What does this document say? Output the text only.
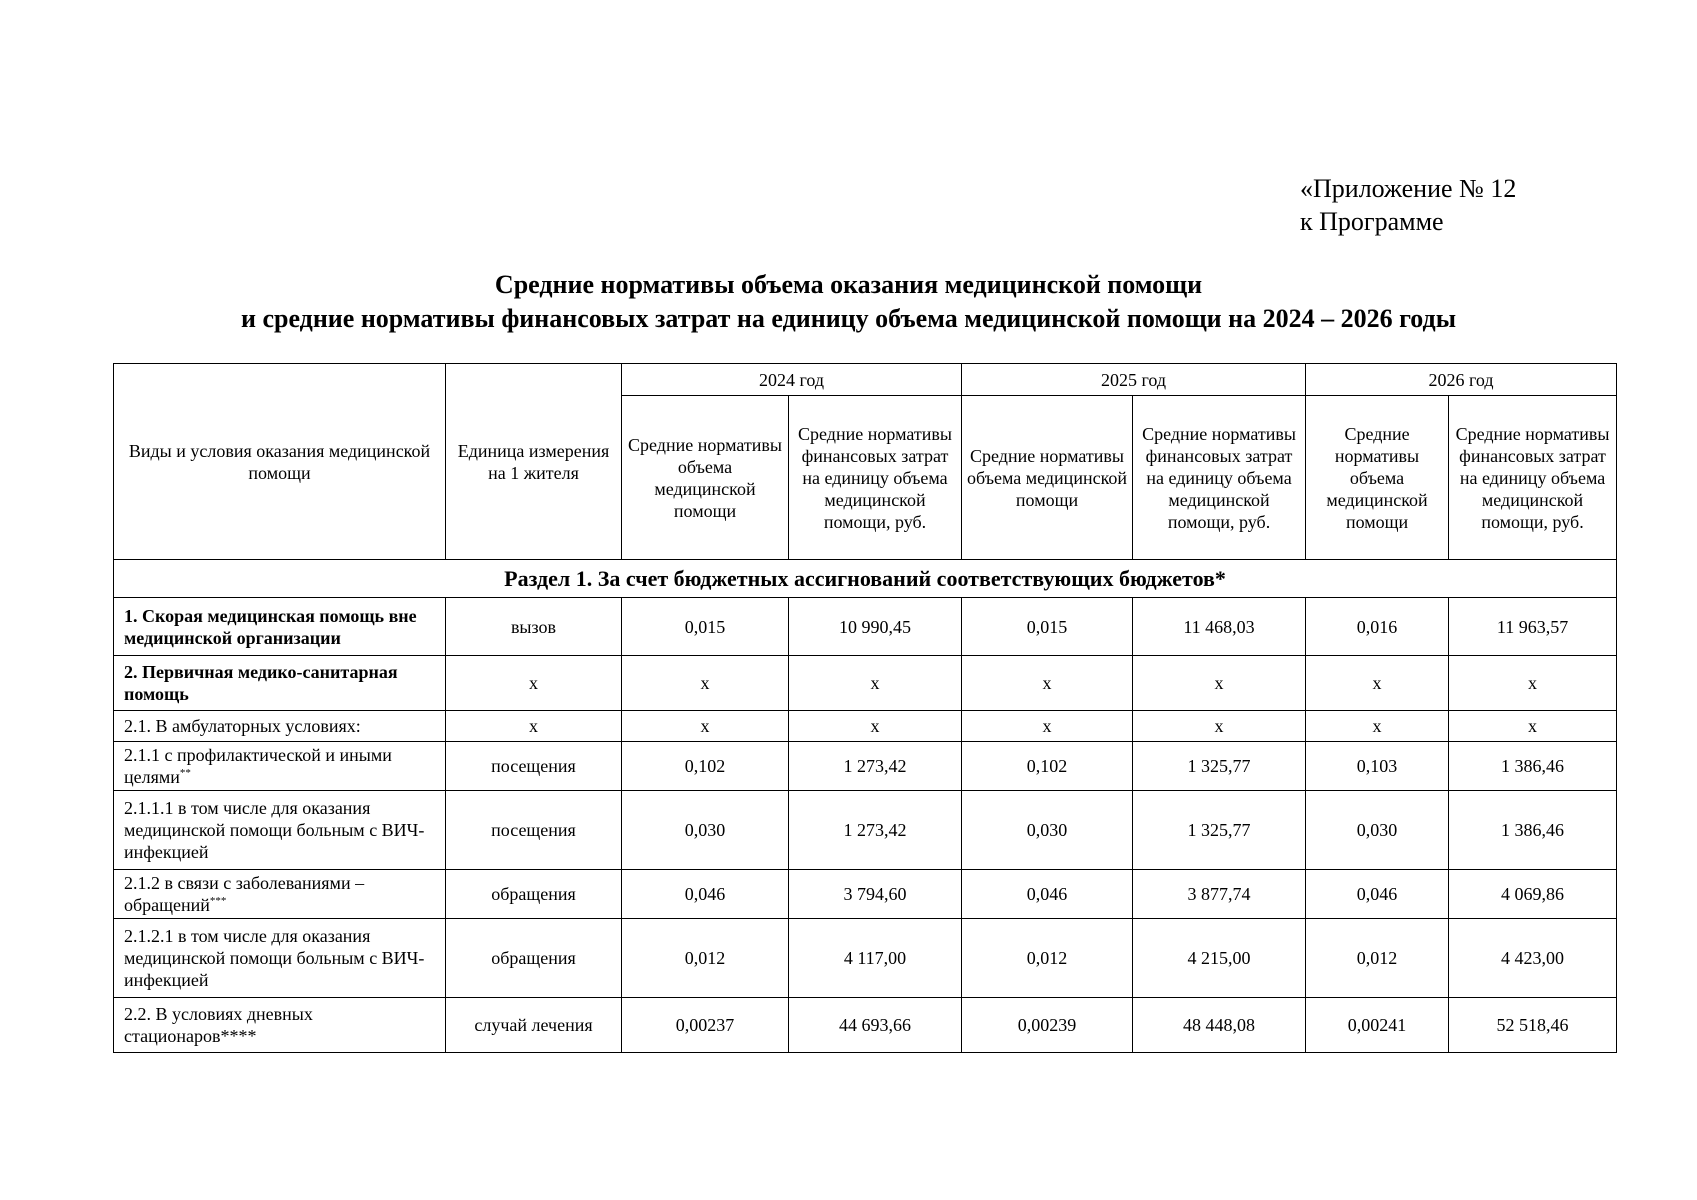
«Приложение № 12
к Программе
Средние нормативы объема оказания медицинской помощи
и средние нормативы финансовых затрат на единицу объема медицинской помощи на 2024 – 2026 годы
Виды и условия оказания медицинской помощи	Единица измерения на 1 жителя	2024 год		2025 год		2026 год	
		Средние нормативы объема медицинской помощи	Средние нормативы финансовых затрат на единицу объема медицинской помощи, руб.	Средние нормативы объема медицинской помощи	Средние нормативы финансовых затрат на единицу объема медицинской помощи, руб.	Средние нормативы объема медицинской помощи	Средние нормативы финансовых затрат на единицу объема медицинской помощи, руб.
Раздел 1. За счет бюджетных ассигнований соответствующих бюджетов*							
1. Скорая медицинская помощь вне медицинской организации	вызов	0,015	10 990,45	0,015	11 468,03	0,016	11 963,57
2. Первичная медико-санитарная помощь	х	х	х	х	х	х	х
2.1. В амбулаторных условиях:	х	х	х	х	х	х	х
2.1.1 с профилактической и иными целями**	посещения	0,102	1 273,42	0,102	1 325,77	0,103	1 386,46
2.1.1.1 в том числе для оказания медицинской помощи больным с ВИЧ-инфекцией	посещения	0,030	1 273,42	0,030	1 325,77	0,030	1 386,46
2.1.2 в связи с заболеваниями – обращений***	обращения	0,046	3 794,60	0,046	3 877,74	0,046	4 069,86
2.1.2.1 в том числе для оказания медицинской помощи больным с ВИЧ-инфекцией	обращения	0,012	4 117,00	0,012	4 215,00	0,012	4 423,00
2.2. В условиях дневных стационаров****	случай лечения	0,00237	44 693,66	0,00239	48 448,08	0,00241	52 518,46
